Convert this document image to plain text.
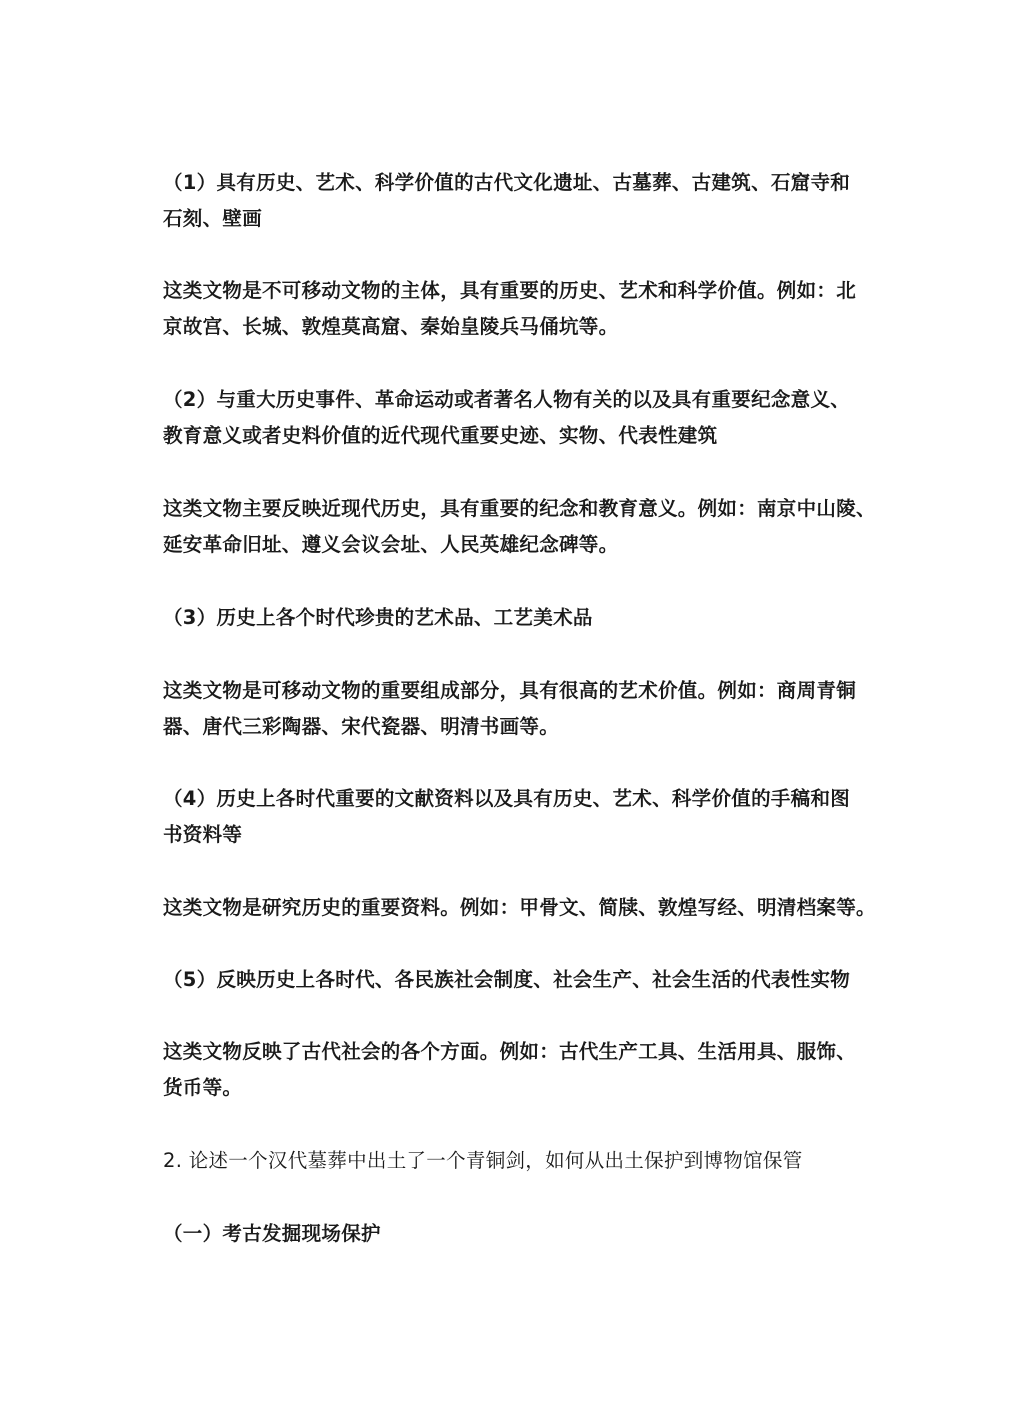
（1）具有历史、艺术、科学价值的古代文化遗址、古墓葬、古建筑、石窟寺和
石刻、壁画

这类文物是不可移动文物的主体，具有重要的历史、艺术和科学价值。例如：北
京故宫、长城、敦煌莫高窟、秦始皇陵兵马俑坑等。

（2）与重大历史事件、革命运动或者著名人物有关的以及具有重要纪念意义、
教育意义或者史料价值的近代现代重要史迹、实物、代表性建筑

这类文物主要反映近现代历史，具有重要的纪念和教育意义。例如：南京中山陵、
延安革命旧址、遵义会议会址、人民英雄纪念碑等。

（3）历史上各个时代珍贵的艺术品、工艺美术品

这类文物是可移动文物的重要组成部分，具有很高的艺术价值。例如：商周青铜
器、唐代三彩陶器、宋代瓷器、明清书画等。

（4）历史上各时代重要的文献资料以及具有历史、艺术、科学价值的手稿和图
书资料等

这类文物是研究历史的重要资料。例如：甲骨文、简牍、敦煌写经、明清档案等。

（5）反映历史上各时代、各民族社会制度、社会生产、社会生活的代表性实物

这类文物反映了古代社会的各个方面。例如：古代生产工具、生活用具、服饰、
货币等。

2. 论述一个汉代墓葬中出土了一个青铜剑，如何从出土保护到博物馆保管

（一）考古发掘现场保护
